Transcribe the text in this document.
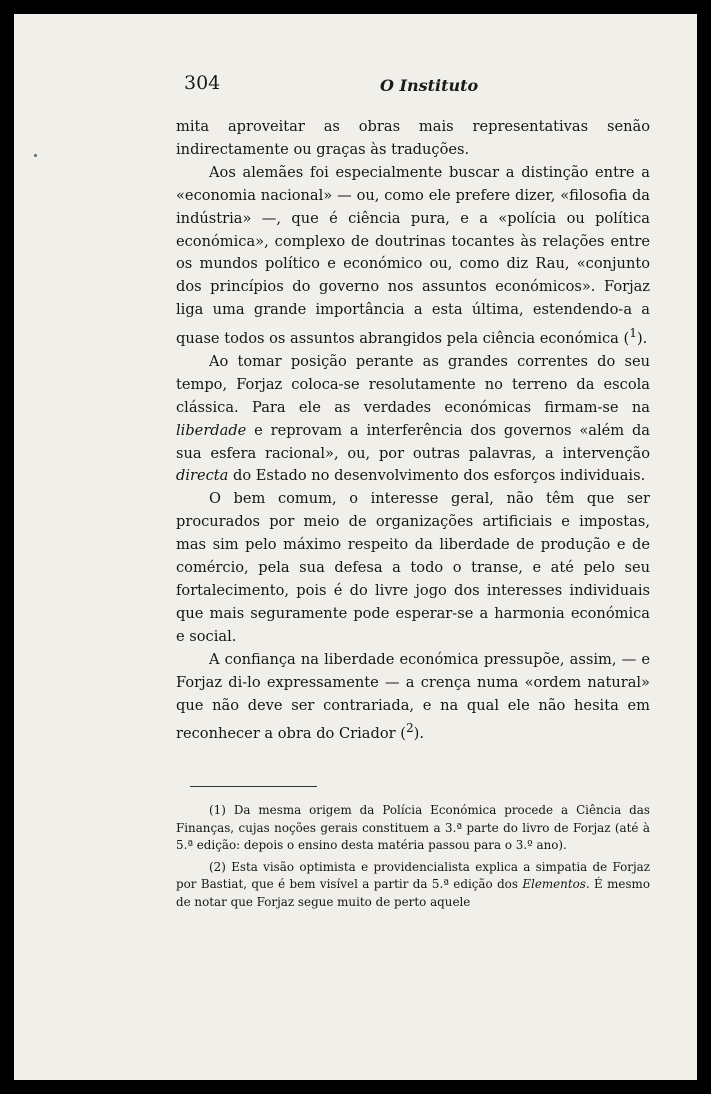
304	O Instituto

mita aproveitar as obras mais representativas senão indirectamente ou graças às traduções.

Aos alemães foi especialmente buscar a distinção entre a «economia nacional» — ou, como ele prefere dizer, «filosofia da indústria» —, que é ciência pura, e a «polícia ou política económica», complexo de doutrinas tocantes às relações entre os mundos político e económico ou, como diz Rau, «conjunto dos princípios do governo nos assuntos económicos». Forjaz liga uma grande importância a esta última, estendendo-a a quase todos os assuntos abrangidos pela ciência económica ($^1$).

Ao tomar posição perante as grandes correntes do seu tempo, Forjaz coloca-se resolutamente no terreno da escola clássica. Para ele as verdades económicas firmam-se na liberdade e reprovam a interferência dos governos «além da sua esfera racional», ou, por outras palavras, a intervenção directa do Estado no desenvolvimento dos esforços individuais.

O bem comum, o interesse geral, não têm que ser procurados por meio de organizações artificiais e impostas, mas sim pelo máximo respeito da liberdade de produção e de comércio, pela sua defesa a todo o transe, e até pelo seu fortalecimento, pois é do livre jogo dos interesses individuais que mais seguramente pode esperar-se a harmonia económica e social.

A confiança na liberdade económica pressupõe, assim, — e Forjaz di-lo expressamente — a crença numa «ordem natural» que não deve ser contrariada, e na qual ele não hesita em reconhecer a obra do Criador ($^2$).

(1) Da mesma origem da Polícia Económica procede a Ciência das Finanças, cujas noções gerais constituem a 3.ª parte do livro de Forjaz (até à 5.ª edição: depois o ensino desta matéria passou para o 3.º ano).

(2) Esta visão optimista e providencialista explica a simpatia de Forjaz por Bastiat, que é bem visível a partir da 5.ª edição dos Elementos. É mesmo de notar que Forjaz segue muito de perto aquele
